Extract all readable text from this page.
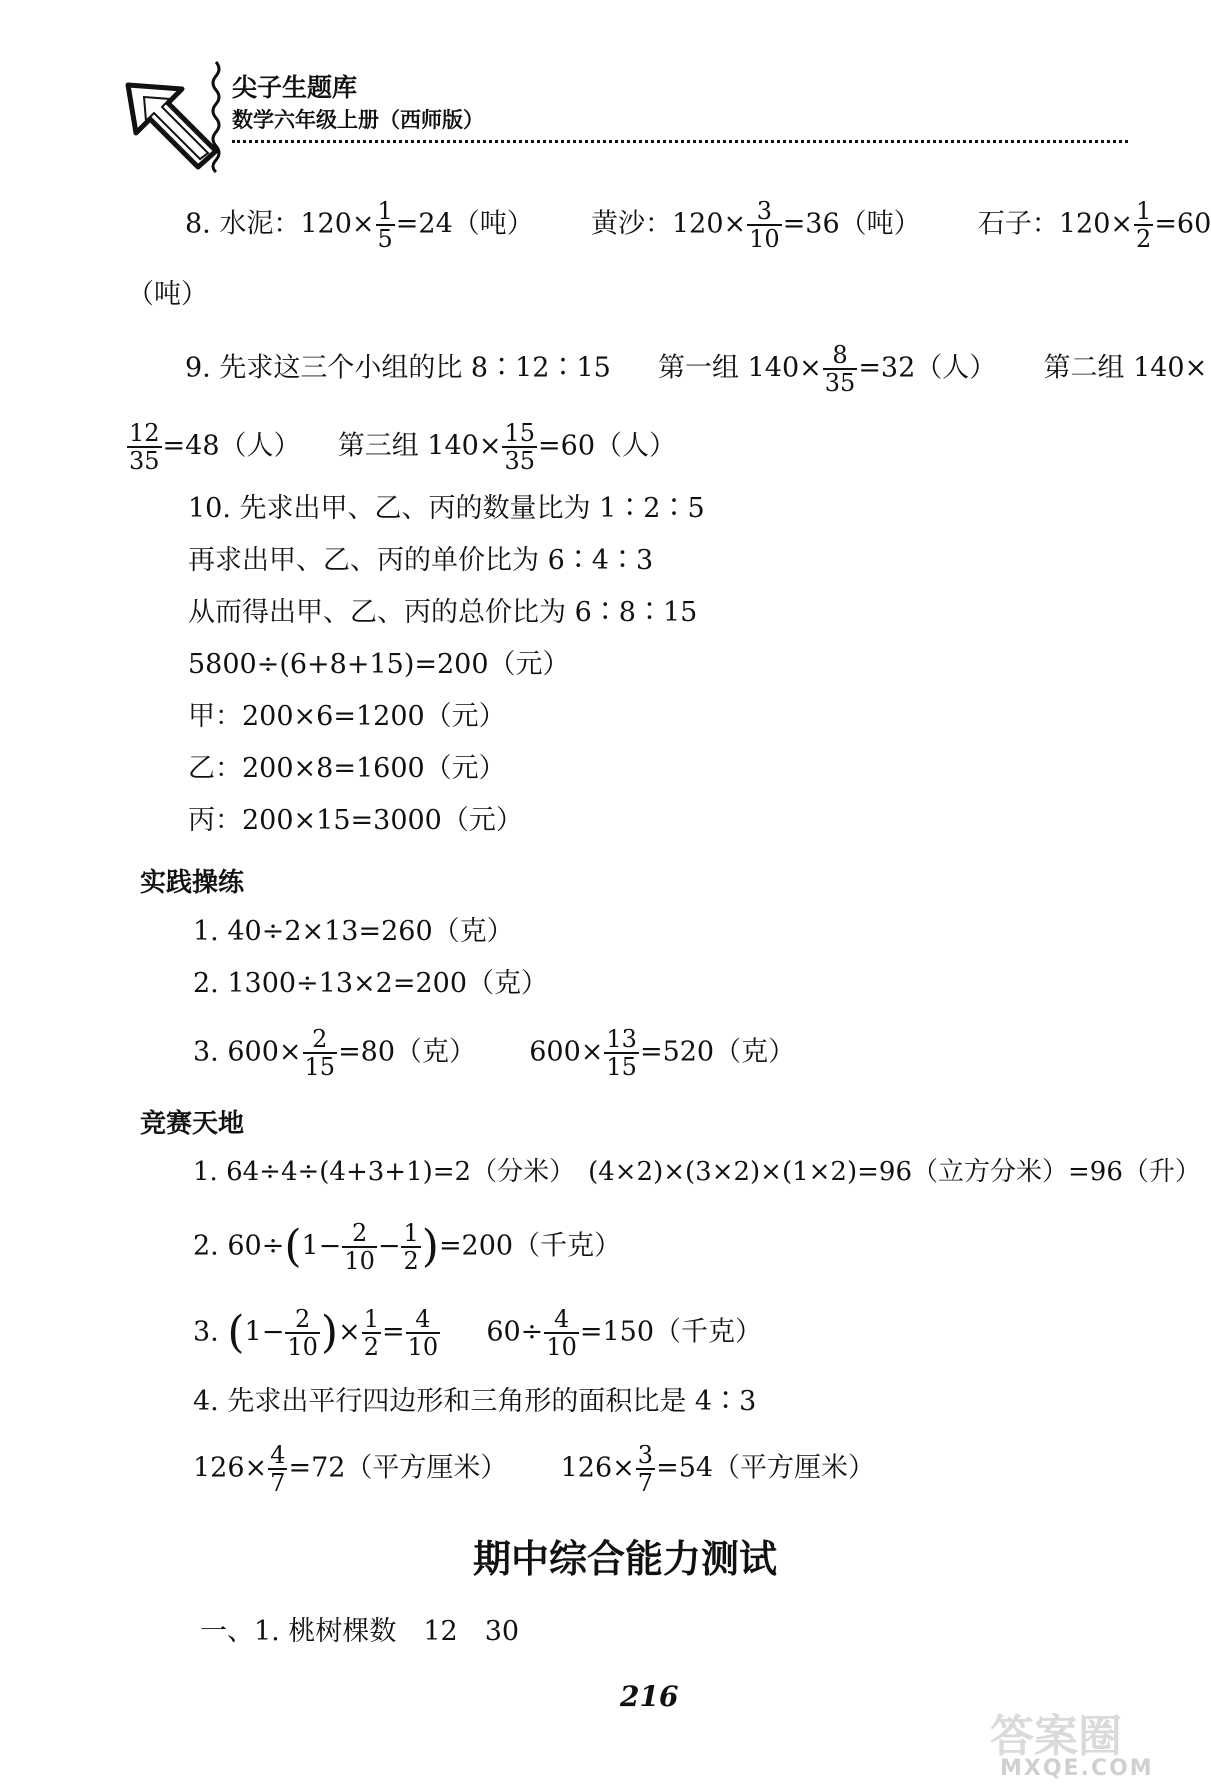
尖子生题库
数学六年级上册（西师版）
8. 水泥：$120\times \frac{1}{5} =24$（吨） 黄沙：$120\times \frac{3}{10} =36$（吨） 石子：$120\times \frac{1}{2} =60$
（吨）
9. 先求这三个小组的比 8∶12∶15 第一组 $140\times \frac{8}{35} =32$（人） 第二组 140×
$\frac{12}{35} =48$（人） 第三组 $140\times \frac{15}{35} =60$（人）
10. 先求出甲、乙、丙的数量比为 1∶2∶5
再求出甲、乙、丙的单价比为 6∶4∶3
从而得出甲、乙、丙的总价比为 6∶8∶15
5800÷(6+8+15)=200（元）
甲：200×6=1200（元）
乙：200×8=1600（元）
丙：200×15=3000（元）
实践操练
1. 40÷2×13=260（克）
2. 1300÷13×2=200（克）
3. $600\times \frac{2}{15} =80$（克） $600\times \frac{13}{15} =520$（克）
竞赛天地
1. 64÷4÷(4+3+1)=2（分米）　(4×2)×(3×2)×(1×2)=96（立方分米）=96（升）
2. $60\div(1- \frac{2}{10} - \frac{1}{2} )=200$（千克）
3. ($1- \frac{2}{10}$ )× $\frac{1}{2} = \frac{4}{10} 60\div \frac{4}{10} =150$（千克）
4. 先求出平行四边形和三角形的面积比是 4∶3
$126\times \frac{4}{7} =72$（平方厘米） $126\times \frac{3}{7} =54$（平方厘米）
期中综合能力测试
一、1. 桃树棵数　12　30
216
答案圈
MXQE.COM
